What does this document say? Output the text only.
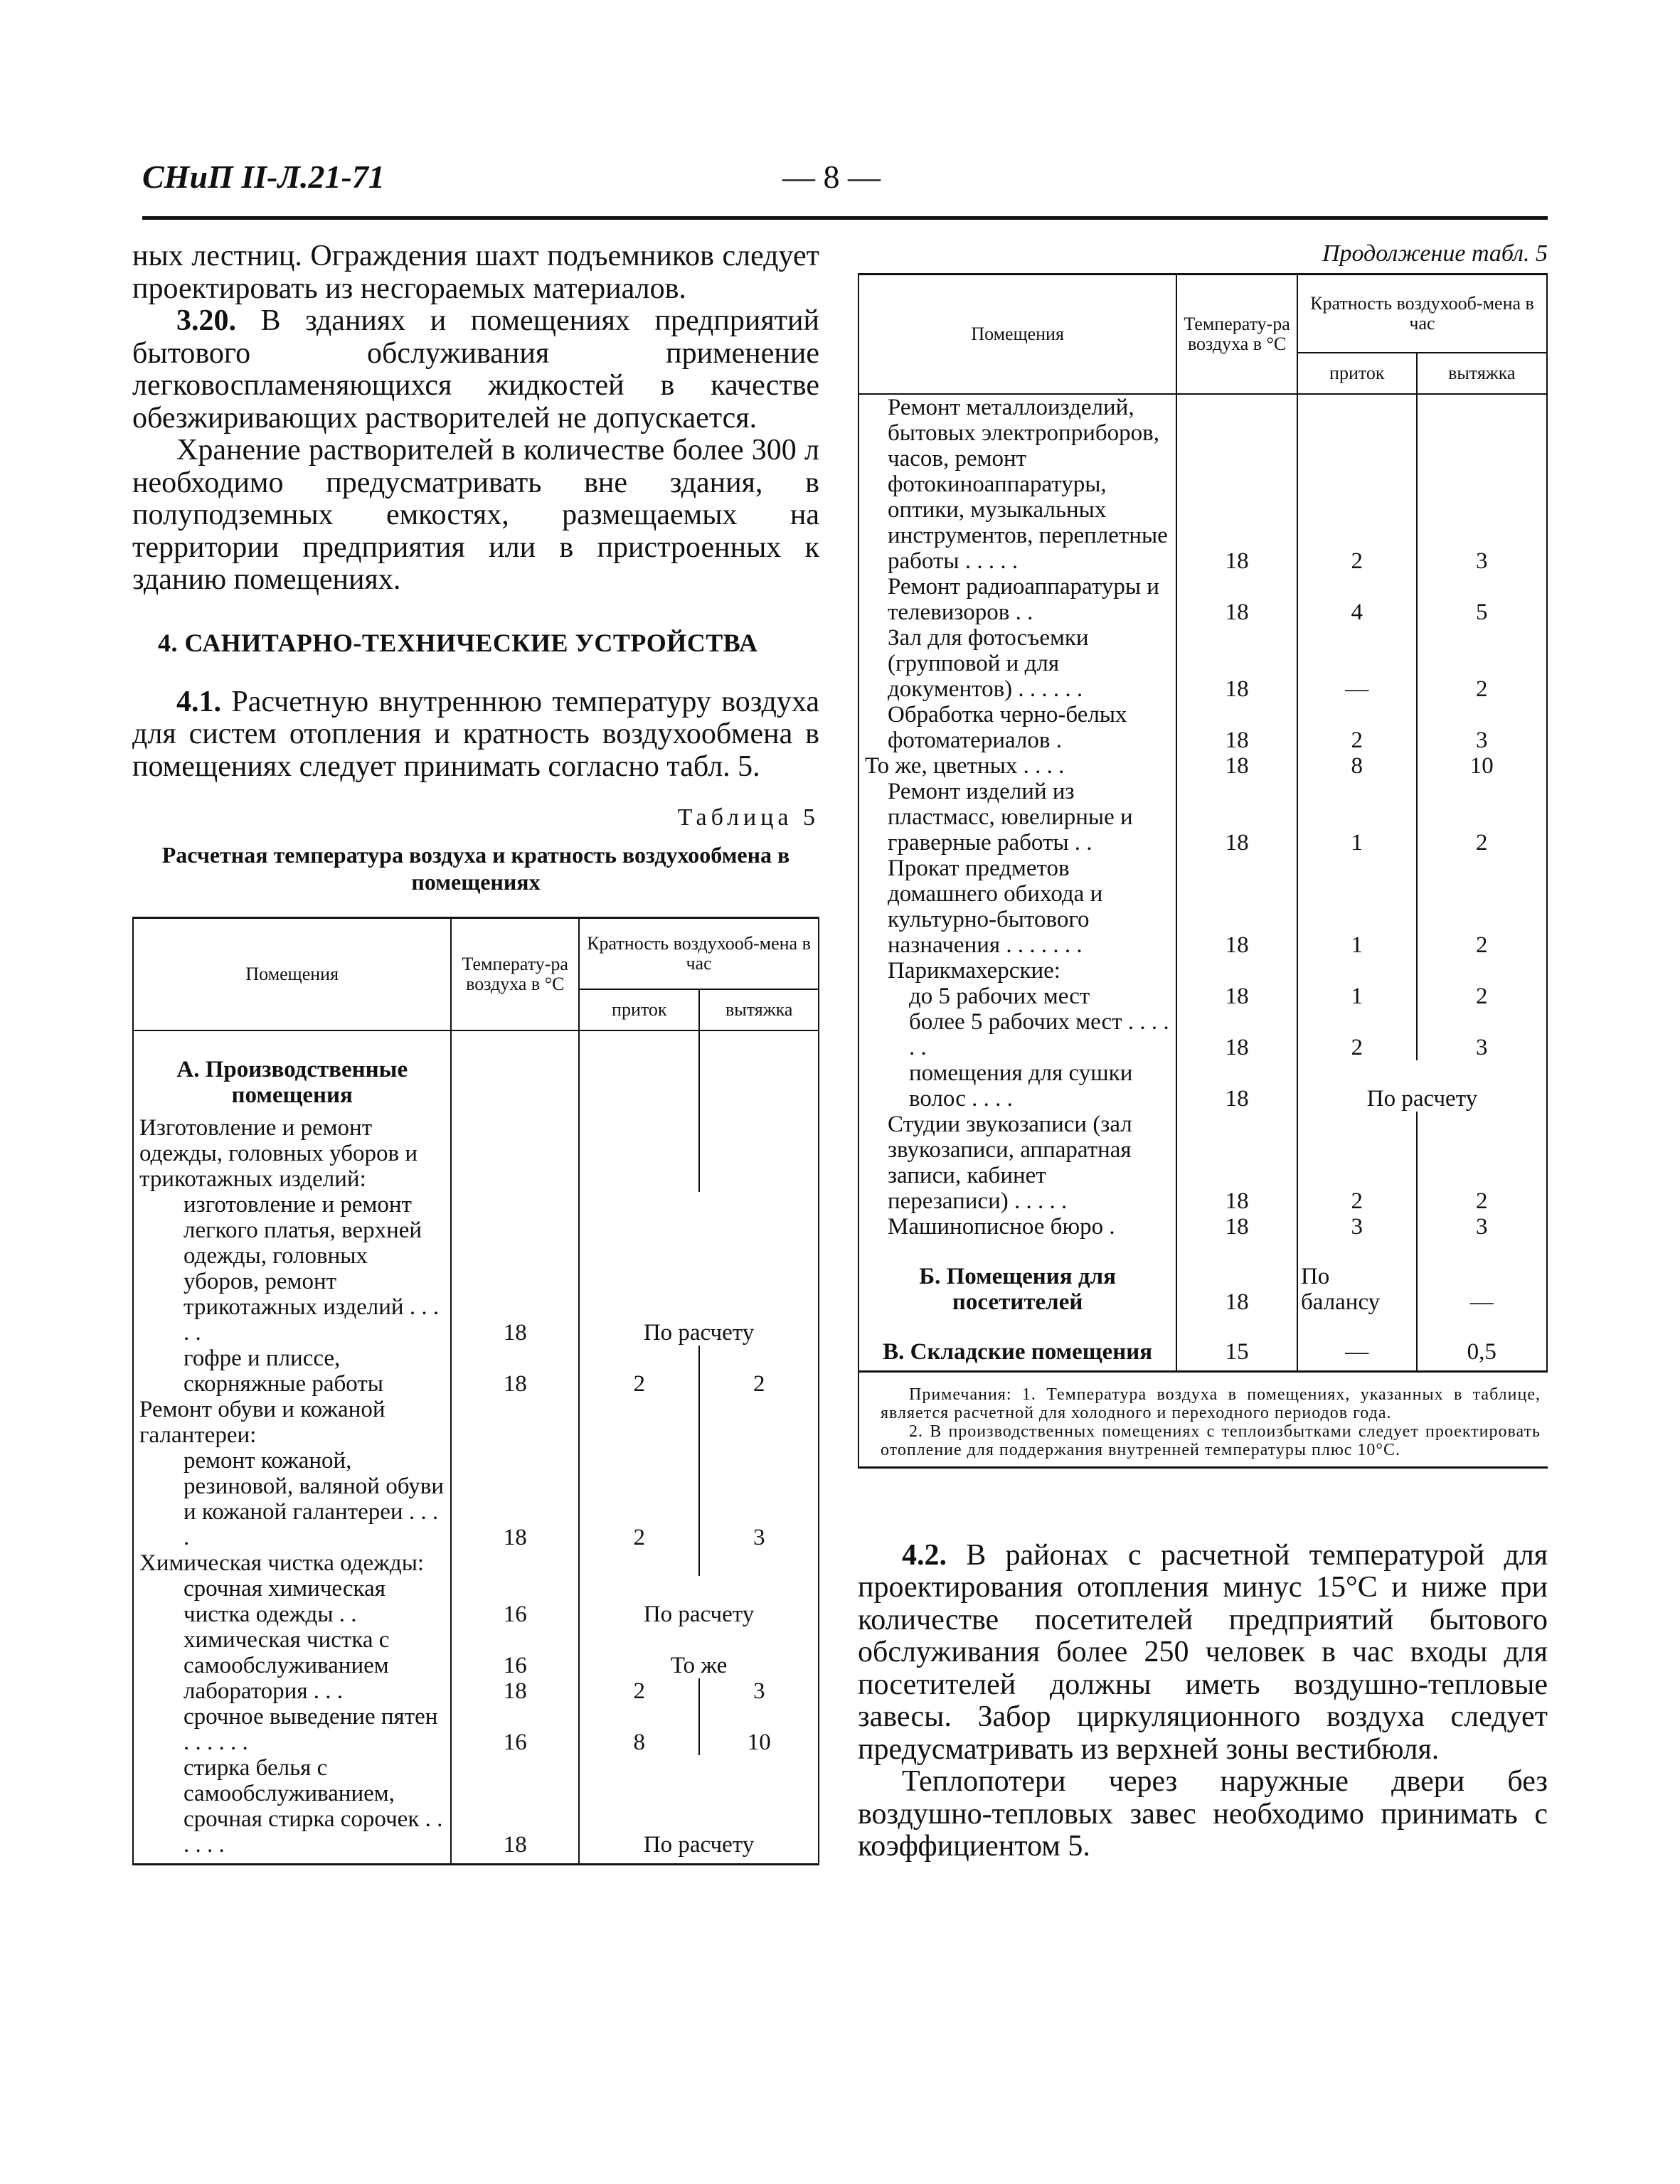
СНиП II-Л.21-71	— 8 —

ных лестниц. Ограждения шахт подъемников следует проектировать из несгораемых материалов.

3.20. В зданиях и помещениях предприятий бытового обслуживания применение легковоспламеняющихся жидкостей в качестве обезжиривающих растворителей не допускается.

Хранение растворителей в количестве более 300 л необходимо предусматривать вне здания, в полуподземных емкостях, размещаемых на территории предприятия или в пристроенных к зданию помещениях.

4. САНИТАРНО-ТЕХНИЧЕСКИЕ УСТРОЙСТВА

4.1. Расчетную внутреннюю температуру воздуха для систем отопления и кратность воздухообмена в помещениях следует принимать согласно табл. 5.

Таблица 5
Расчетная температура воздуха и кратность воздухообмена в помещениях
Помещения	Температу-ра воздуха в °С	Кратность воздухооб-мена в час	
		приток	вытяжка
А. Производственные помещения			
Изготовление и ремонт одежды, головных уборов и трикотажных изделий:			
изготовление и ремонт легкого платья, верхней одежды, головных уборов, ремонт трикотажных изделий . . . . .	18	По расчету	
гофре и плиссе, скорняжные работы	18	2	2
Ремонт обуви и кожаной галантереи:			
ремонт кожаной, резиновой, валяной обуви и кожаной галантереи . . . .	18	2	3
Химическая чистка одежды:			
срочная химическая чистка одежды . .	16	По расчету	
химическая чистка с самообслуживанием	16	То же	
лаборатория . . .	18	2	3
срочное выведение пятен . . . . . .	16	8	10
стирка белья с самообслуживанием, срочная стирка сорочек . . . . . .	18	По расчету	
Продолжение табл. 5
Помещения	Температу-ра воздуха в °С	Кратность воздухооб-мена в час	
		приток	вытяжка
Ремонт металлоизделий, бытовых электроприборов, часов, ремонт фотокиноаппаратуры, оптики, музыкальных инструментов, переплетные работы . . . . .	18	2	3
Ремонт радиоаппаратуры и телевизоров . .	18	4	5
Зал для фотосъемки (групповой и для документов) . . . . . .	18	—	2
Обработка черно-белых фотоматериалов .	18	2	3
То же, цветных . . . .	18	8	10
Ремонт изделий из пластмасс, ювелирные и граверные работы . .	18	1	2
Прокат предметов домашнего обихода и культурно-бытового назначения . . . . . . .	18	1	2
Парикмахерские:			
до 5 рабочих мест	18	1	2
более 5 рабочих мест . . . . . .	18	2	3
помещения для сушки волос . . . .	18	По расчету	
Студии звукозаписи (зал звукозаписи, аппаратная записи, кабинет перезаписи) . . . . .	18	2	2
Машинописное бюро .	18	3	3
Б. Помещения для посетителей	18	По балансу	—
В. Складские помещения	15	—	0,5

Примечания: 1. Температура воздуха в помещениях, указанных в таблице, является расчетной для холодного и переходного периодов года.

2. В производственных помещениях с теплоизбытками следует проектировать отопление для поддержания внутренней температуры плюс 10°С.

4.2. В районах с расчетной температурой для проектирования отопления минус 15°С и ниже при количестве посетителей предприятий бытового обслуживания более 250 человек в час входы для посетителей должны иметь воздушно-тепловые завесы. Забор циркуляционного воздуха следует предусматривать из верхней зоны вестибюля.

Теплопотери через наружные двери без воздушно-тепловых завес необходимо принимать с коэффициентом 5.
